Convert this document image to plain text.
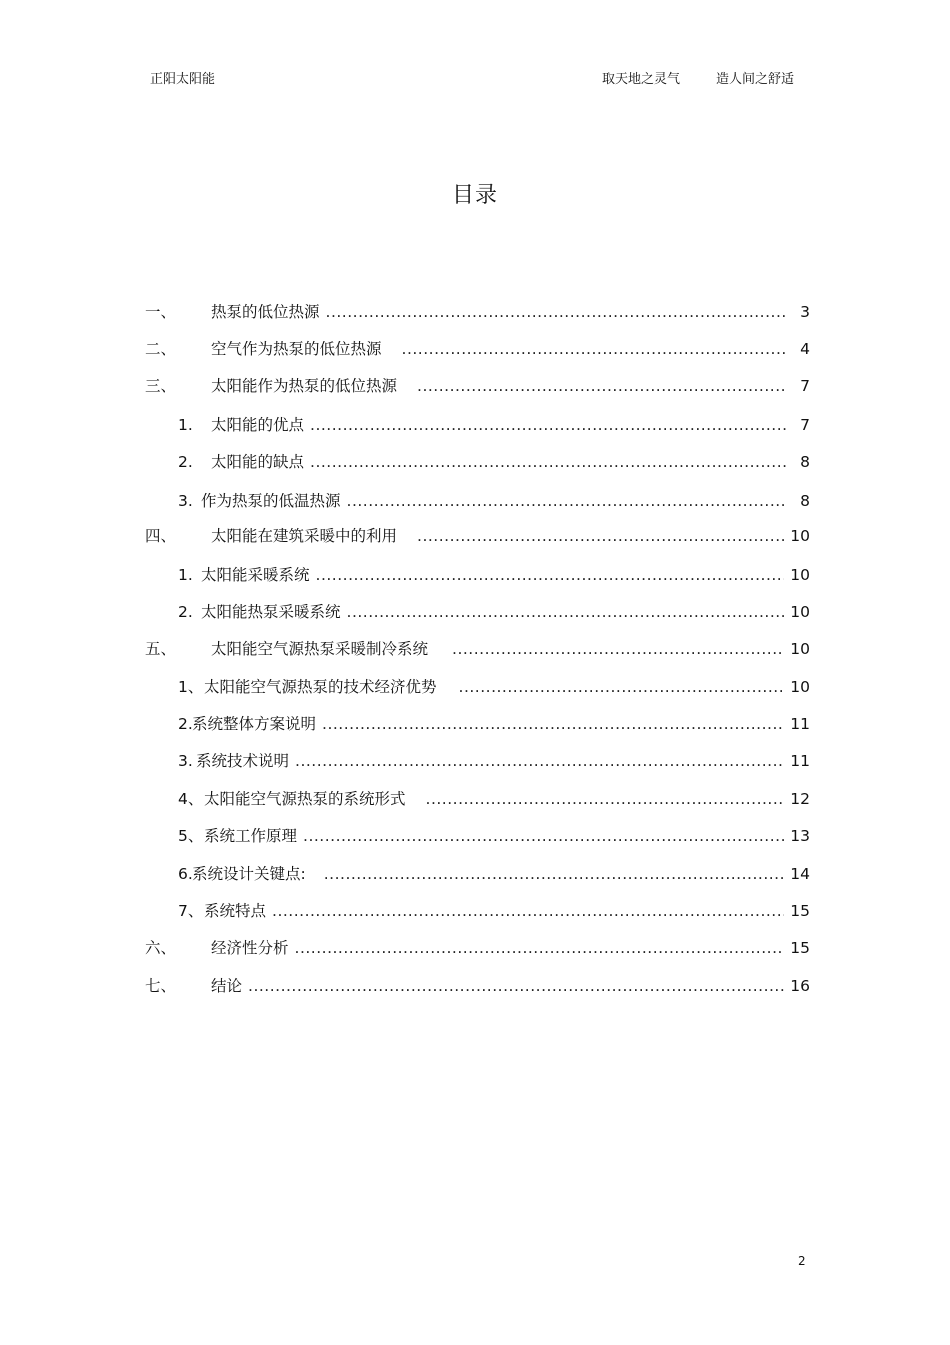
正阳太阳能	取天地之灵气	造人间之舒适
目录
一、	热泵的低位热源 .....	3
二、	空气作为热泵的低位热源 .....	4
三、	太阳能作为热泵的低位热源 .....	7
1.	太阳能的优点 .....	7
2.	太阳能的缺点 .....	8
3. 作为热泵的低温热源 .....	8
四、	太阳能在建筑采暖中的利用 .....	10
1. 太阳能采暖系统 .....	10
2. 太阳能热泵采暖系统 .....	10
五、	太阳能空气源热泵采暖制冷系统 .....	10
1、 太阳能空气源热泵的技术经济优势 .....	10
2. 系统整体方案说明 .....	11
3. 系统技术说明 .....	11
4、 太阳能空气源热泵的系统形式 .....	12
5、 系统工作原理 .....	13
6. 系统设计关键点: .....	14
7、 系统特点 .....	15
六、	经济性分析 .....	15
七、	结论 .....	16
2
